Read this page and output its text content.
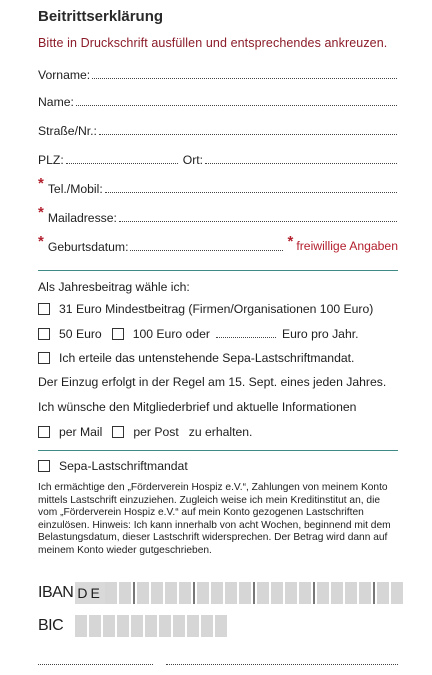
Beitrittserklärung
Bitte in Druckschrift ausfüllen und entsprechendes ankreuzen.
Vorname:
Name:
Straße/Nr.:
PLZ:	Ort:
* Tel./Mobil:
* Mailadresse:
* Geburtsdatum:	* freiwillige Angaben
Als Jahresbeitrag wähle ich:
31 Euro Mindestbeitrag (Firmen/Organisationen 100 Euro)
50 Euro	100 Euro oder	Euro pro Jahr.
Ich erteile das untenstehende Sepa-Lastschriftmandat.
Der Einzug erfolgt in der Regel am 15. Sept. eines jeden Jahres.
Ich wünsche den Mitgliederbrief und aktuelle Informationen
per Mail	per Post zu erhalten.
Sepa-Lastschriftmandat
Ich ermächtige den „Förderverein Hospiz e.V.“, Zahlungen von meinem Konto mittels Lastschrift einzuziehen. Zugleich weise ich mein Kreditinstitut an, die vom „Förderverein Hospiz e.V.“ auf mein Konto gezogenen Lastschriften einzulösen. Hinweis: Ich kann innerhalb von acht Wochen, beginnend mit dem Belastungsdatum, dieser Lastschrift widersprechen. Der Betrag wird dann auf meinem Konto wieder gutgeschrieben.
IBAN DE
BIC
